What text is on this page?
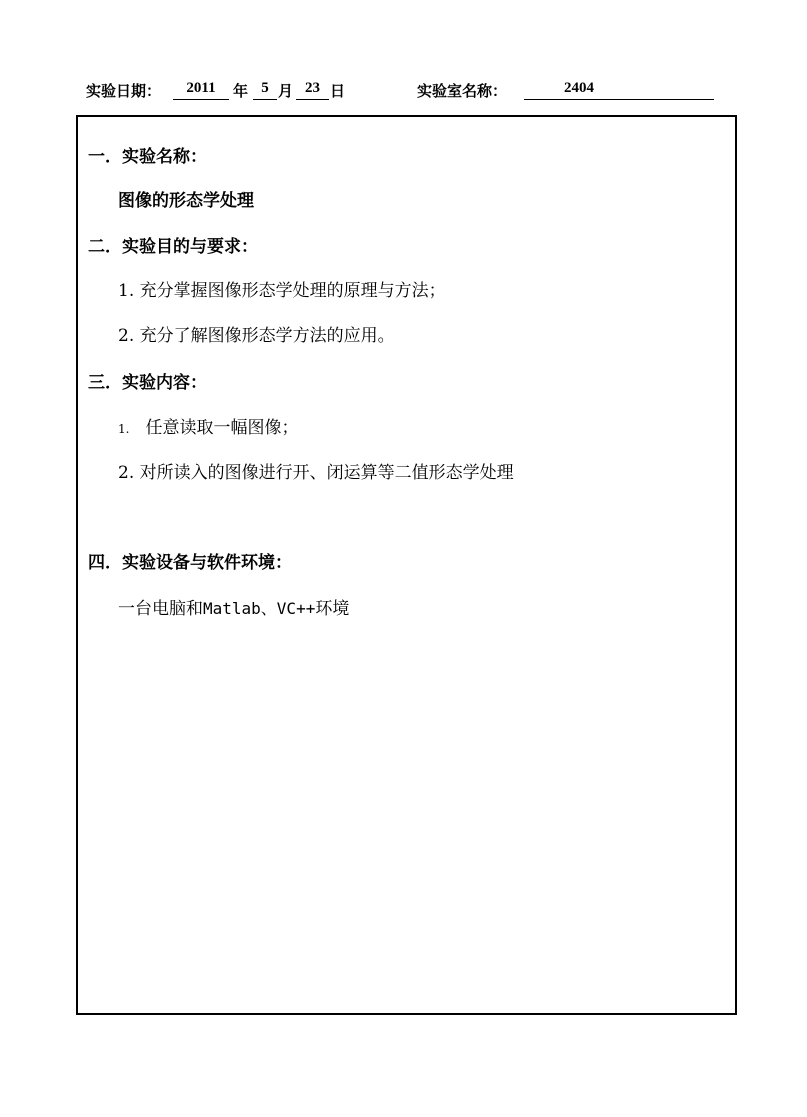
实验日期：	2011	年 5 月 23 日	实验室名称：	2404
一．实验名称：
图像的形态学处理
二．实验目的与要求：
1. 充分掌握图像形态学处理的原理与方法；
2. 充分了解图像形态学方法的应用。
三．实验内容：
1. 任意读取一幅图像；
2. 对所读入的图像进行开、闭运算等二值形态学处理
四．实验设备与软件环境：
一台电脑和Matlab、VC++环境
